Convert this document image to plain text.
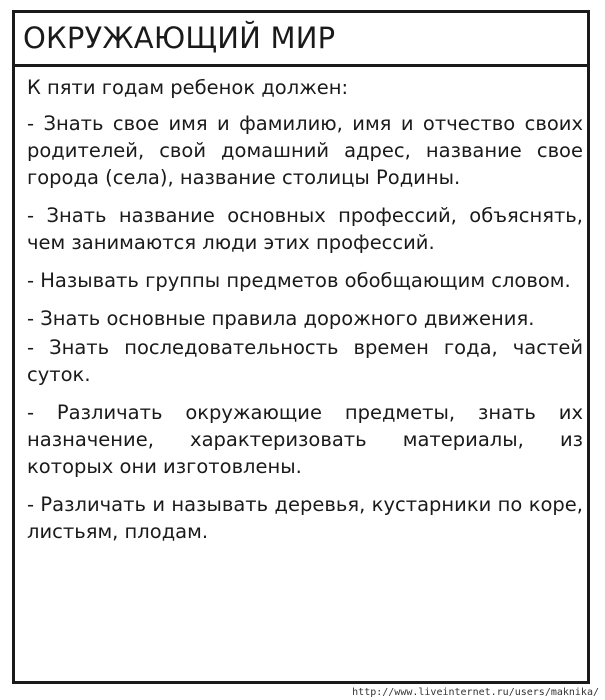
ОКРУЖАЮЩИЙ МИР

К пяти годам ребенок должен:

- Знать свое имя и фамилию, имя и отчество своих родителей, свой домашний адрес, название свое города (села), название столицы Родины.

- Знать название основных профессий, объяснять, чем занимаются люди этих профессий.

- Называть группы предметов обобщающим словом.

- Знать основные правила дорожного движения.

- Знать последовательность времен года, частей суток.

- Различать окружающие предметы, знать их назначение, характеризовать материалы, из которых они изготовлены.

- Различать и называть деревья, кустарники по коре, листьям, плодам.

http://www.liveinternet.ru/users/maknika/
